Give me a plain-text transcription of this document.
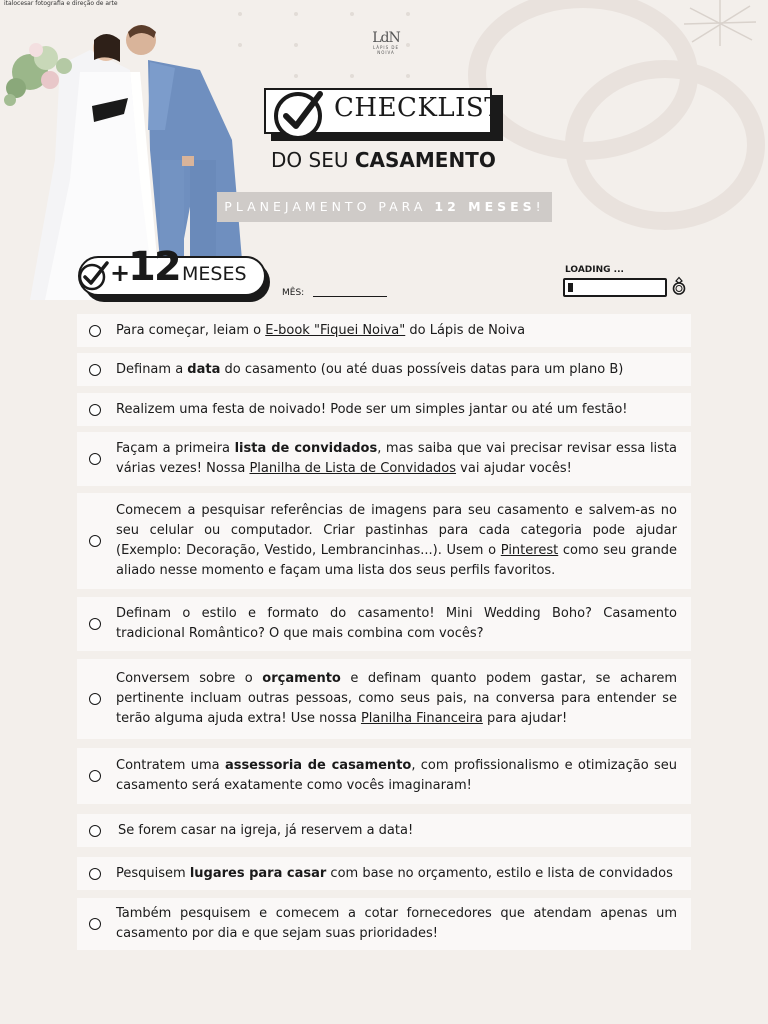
italocesar fotografia e direção de arte
LdN
LÁPIS DE NOIVA
CHECKLIST
DO SEU CASAMENTO
PLANEJAMENTO PARA 12 MESES!
+
12 MESES
MÊS:
LOADING ...
Para começar, leiam o E-book "Fiquei Noiva" do Lápis de Noiva
Definam a data do casamento (ou até duas possíveis datas para um plano B)
Realizem uma festa de noivado! Pode ser um simples jantar ou até um festão!
Façam a primeira lista de convidados, mas saiba que vai precisar revisar essa lista várias vezes! Nossa Planilha de Lista de Convidados vai ajudar vocês!
Comecem a pesquisar referências de imagens para seu casamento e salvem-as no seu celular ou computador. Criar pastinhas para cada categoria pode ajudar (Exemplo: Decoração, Vestido, Lembrancinhas...). Usem o Pinterest como seu grande aliado nesse momento e façam uma lista dos seus perfils favoritos.
Definam o estilo e formato do casamento! Mini Wedding Boho? Casamento tradicional Romântico? O que mais combina com vocês?
Conversem sobre o orçamento e definam quanto podem gastar, se acharem pertinente incluam outras pessoas, como seus pais, na conversa para entender se terão alguma ajuda extra! Use nossa Planilha Financeira para ajudar!
Contratem uma assessoria de casamento, com profissionalismo e otimização seu casamento será exatamente como vocês imaginaram!
Se forem casar na igreja, já reservem a data!
Pesquisem lugares para casar com base no orçamento, estilo e lista de convidados
Também pesquisem e comecem a cotar fornecedores que atendam apenas um casamento por dia e que sejam suas prioridades!
